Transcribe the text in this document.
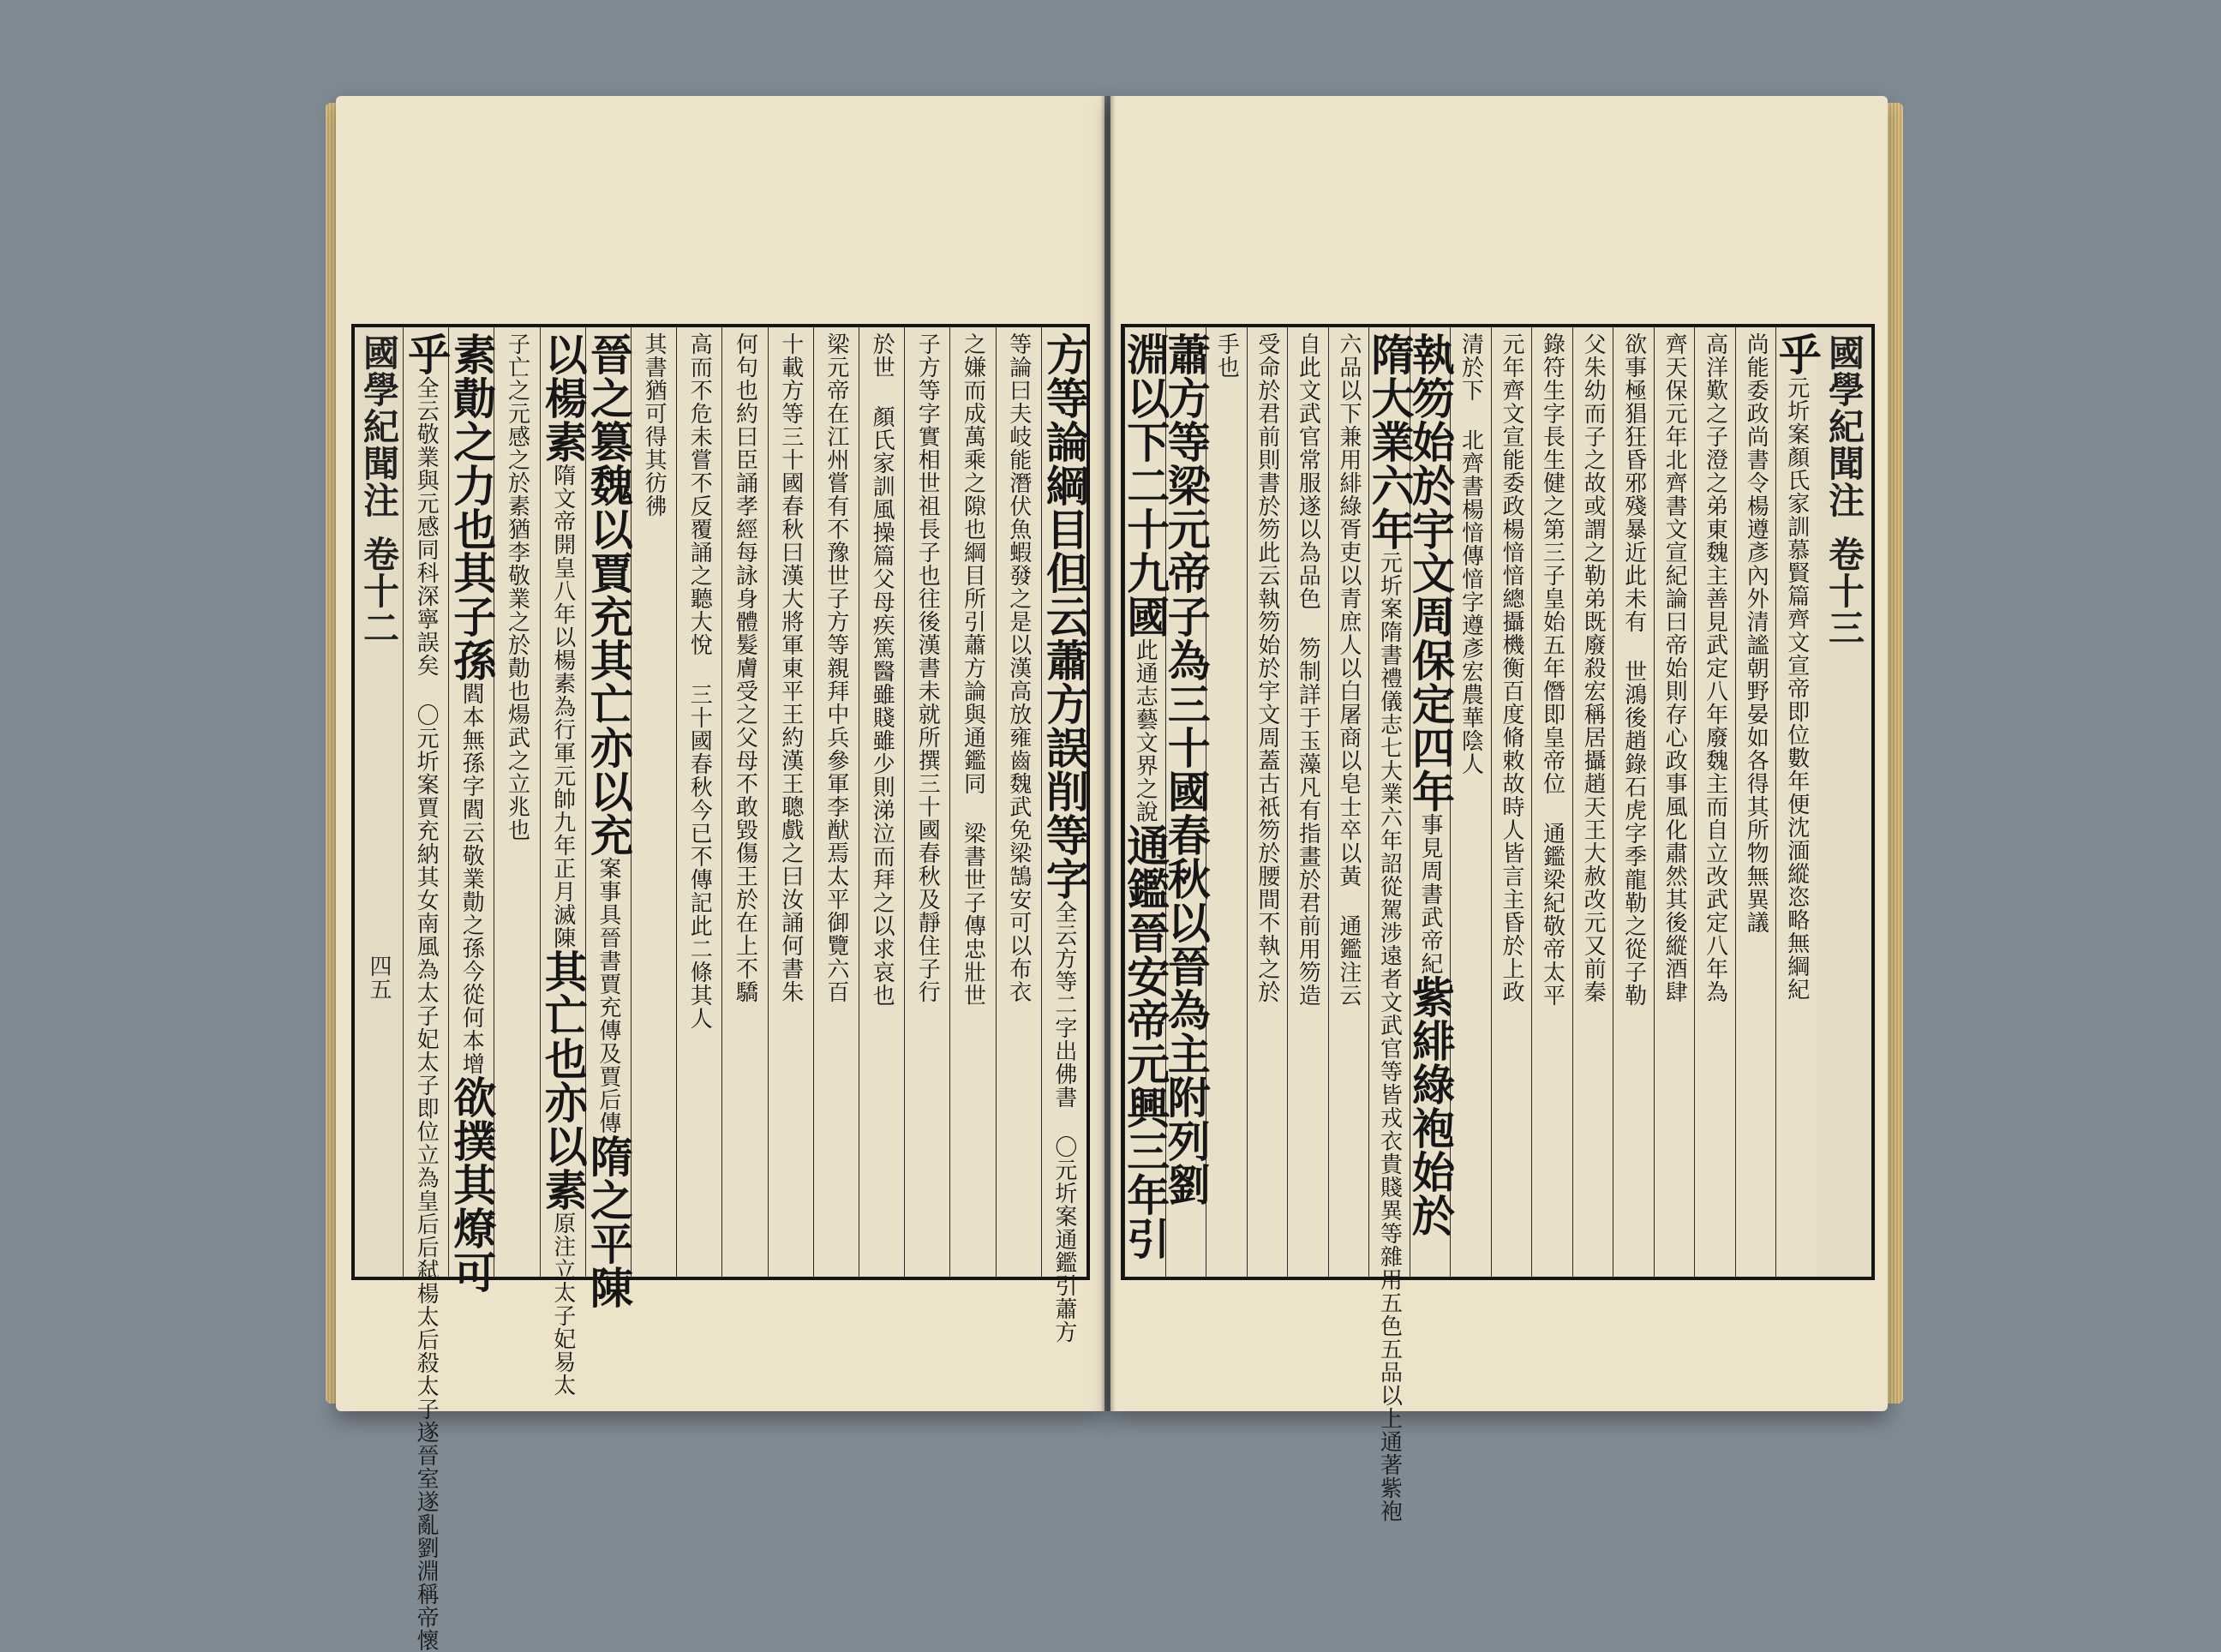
國學紀聞注
卷十二
四五
方等論綱目但云蕭方誤削等字
全云方等二字出佛書 〇元圻案通鑑引蕭方
等論曰夫岐能潛伏魚蝦發之是以漢高放雍齒魏武免梁鵠安可以布衣
之嫌而成萬乘之隙也綱目所引蕭方論與通鑑同 梁書世子傳忠壯世
子方等字實相世祖長子也往後漢書未就所撰三十國春秋及靜住子行
於世 顏氏家訓風操篇父母疾篤醫雖賤雖少則涕泣而拜之以求哀也
梁元帝在江州嘗有不豫世子方等親拜中兵參軍李猷焉太平御覽六百
十載方等三十國春秋曰漢大將軍東平王約漢王聰戲之曰汝誦何書朱
何句也約曰臣誦孝經每詠身體髮膚受之父母不敢毀傷王於在上不驕
高而不危未嘗不反覆誦之聽大悅 三十國春秋今已不傳記此二條其人
其書猶可得其彷彿
晉之篡魏以賈充其亡亦以充
案事具晉書賈充傳及賈后傳
隋之平陳
以楊素
隋文帝開皇八年以楊素為行軍元帥九年正月滅陳
其亡也亦以素
原注立太子妃易太
子亡之元感之於素猶李敬業之於勣也煬武之立兆也
素勣之力也其子孫
閻本無孫字閻云敬業勣之孫今從何本增
欲撲其燎可
乎
全云敬業與元感同科深寧誤矣 〇元圻案賈充納其女南風為太子妃太子即位立為皇后后弑楊太后殺太子遂晉室遂亂劉淵稱帝懷	國學紀聞注
卷十三
乎
元圻案顏氏家訓慕賢篇齊文宣帝即位數年便沈湎縱恣略無綱紀
尚能委政尚書令楊遵彥內外清謐朝野晏如各得其所物無異議
高洋歎之子澄之弟東魏主善見武定八年廢魏主而自立改武定八年為
齊天保元年北齊書文宣紀論曰帝始則存心政事風化肅然其後縱酒肆
欲事極猖狂昏邪殘暴近此未有 世鴻後趙錄石虎字季龍勒之從子勒
父朱幼而子之故或謂之勒弟既廢殺宏稱居攝趙天王大赦改元又前秦
錄符生字長生健之第三子皇始五年僭即皇帝位 通鑑梁紀敬帝太平
元年齊文宣能委政楊愔愔總攝機衡百度脩敕故時人皆言主昏於上政
清於下 北齊書楊愔傳愔字遵彥宏農華陰人
執笏始於宇文周保定四年
事見周書武帝紀
紫緋綠袍始於
隋大業六年
元圻案隋書禮儀志七大業六年詔從駕涉遠者文武官等皆戎衣貴賤異等雜用五色五品以上通著紫袍
六品以下兼用緋綠胥吏以青庶人以白屠商以皂士卒以黃 通鑑注云
自此文武官常服遂以為品色 笏制詳于玉藻凡有指畫於君前用笏造
受命於君前則書於笏此云執笏始於宇文周蓋古祇笏於腰間不執之於
手也
蕭方等梁元帝子為三十國春秋以晉為主附列劉
淵以下二十九國
此通志藝文界之說
通鑑晉安帝元興三年引
